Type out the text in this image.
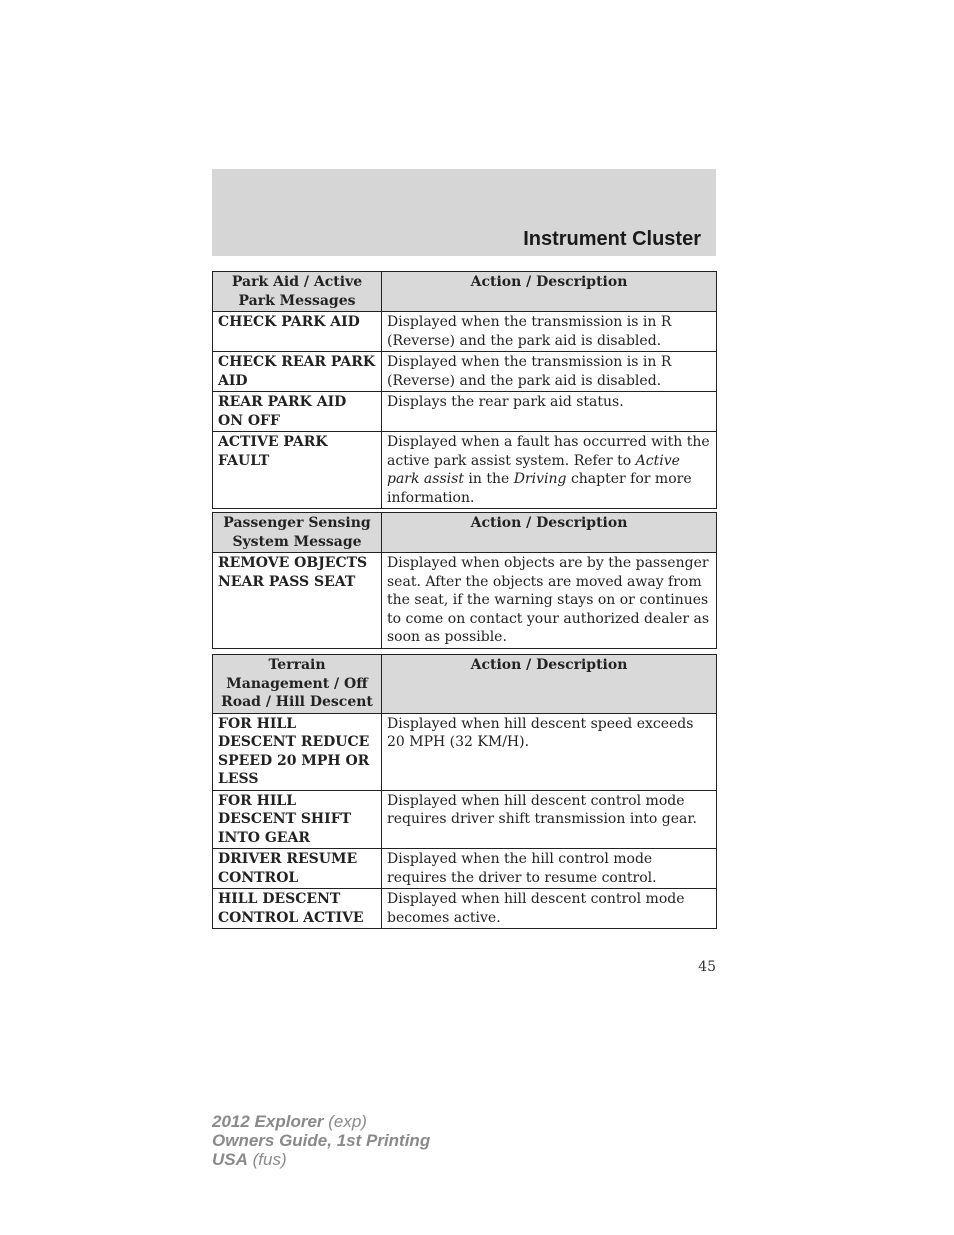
Instrument Cluster
Park Aid / Active Park Messages	Action / Description
CHECK PARK AID	Displayed when the transmission is in R (Reverse) and the park aid is disabled.
CHECK REAR PARK AID	Displayed when the transmission is in R (Reverse) and the park aid is disabled.
REAR PARK AID ON OFF	Displays the rear park aid status.
ACTIVE PARK FAULT	Displayed when a fault has occurred with the active park assist system. Refer to Active park assist in the Driving chapter for more information.
Passenger Sensing System Message	Action / Description
REMOVE OBJECTS NEAR PASS SEAT	Displayed when objects are by the passenger seat. After the objects are moved away from the seat, if the warning stays on or continues to come on contact your authorized dealer as soon as possible.
Terrain Management / Off Road / Hill Descent	Action / Description
FOR HILL DESCENT REDUCE SPEED 20 MPH OR LESS	Displayed when hill descent speed exceeds 20 MPH (32 KM/H).
FOR HILL DESCENT SHIFT INTO GEAR	Displayed when hill descent control mode requires driver shift transmission into gear.
DRIVER RESUME CONTROL	Displayed when the hill control mode requires the driver to resume control.
HILL DESCENT CONTROL ACTIVE	Displayed when hill descent control mode becomes active.
45
2012 Explorer (exp)
Owners Guide, 1st Printing
USA (fus)
